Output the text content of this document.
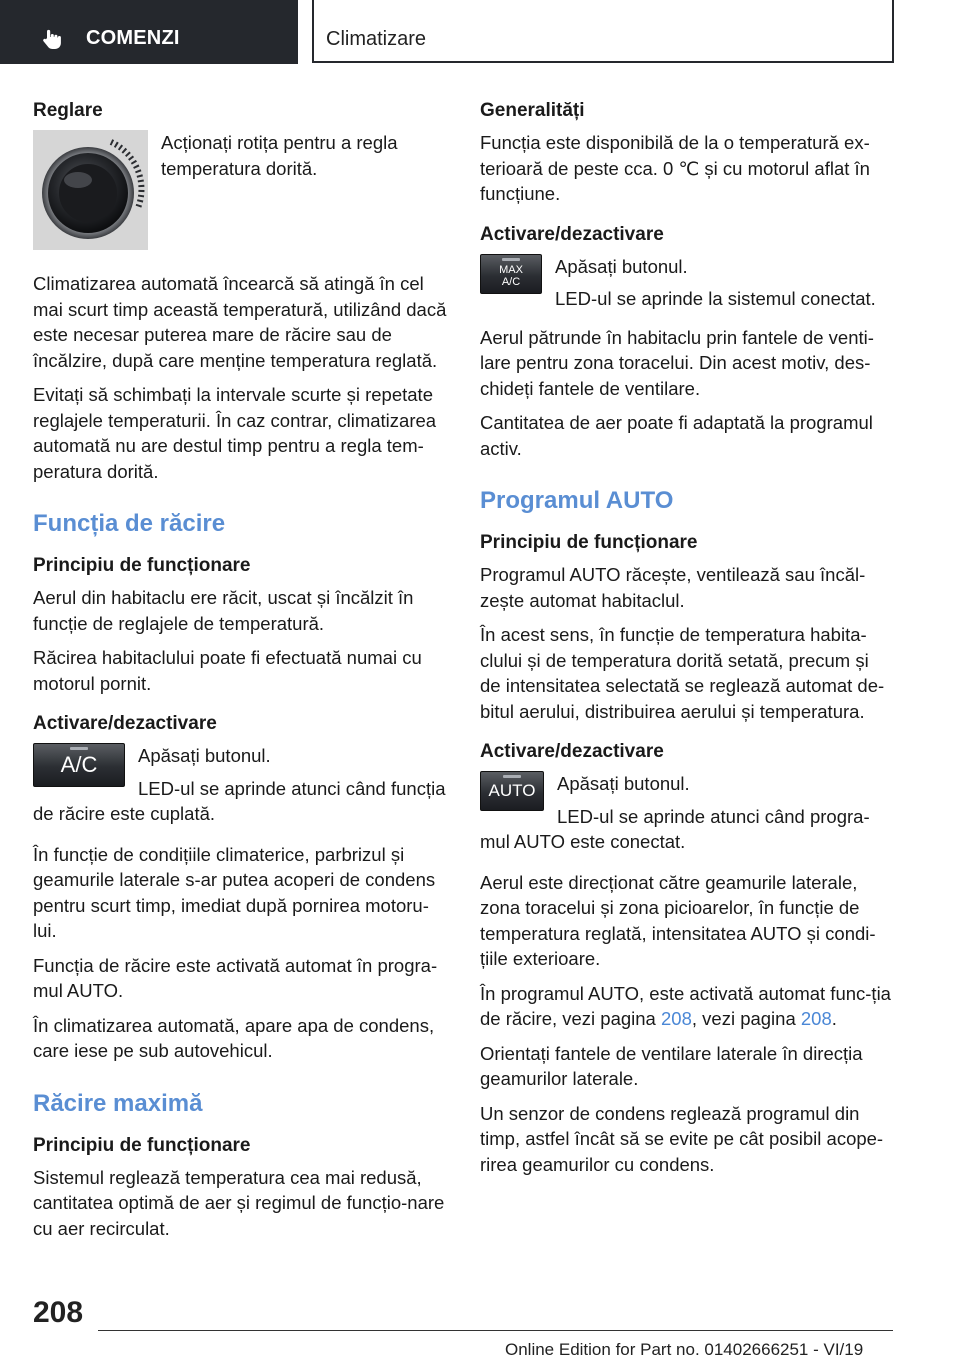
COMENZI	Climatizare
Reglare

Acționați rotița pentru a regla temperatura dorită.

Climatizarea automată încearcă să atingă în cel mai scurt timp această temperatură, utilizând dacă este necesar puterea mare de răcire sau de încălzire, după care menține temperatura reglată.

Evitați să schimbați la intervale scurte și repetate reglajele temperaturii. În caz contrar, climatizarea automată nu are destul timp pentru a regla tem‐peratura dorită.

Funcția de răcire
Principiu de funcționare

Aerul din habitaclu ere răcit, uscat și încălzit în funcție de reglajele de temperatură.

Răcirea habitaclului poate fi efectuată numai cu motorul pornit.

Activare/dezactivare
A/C Apăsați butonul.

LED-ul se aprinde atunci când funcția

de răcire este cuplată.

În funcție de condițiile climaterice, parbrizul și geamurile laterale s-ar putea acoperi de condens pentru scurt timp, imediat după pornirea motoru‐lui.

Funcția de răcire este activată automat în progra‐mul AUTO.

În climatizarea automată, apare apa de condens, care iese pe sub autovehicul.

Răcire maximă
Principiu de funcționare

Sistemul reglează temperatura cea mai redusă, cantitatea optimă de aer și regimul de funcțio‐nare cu aer recirculat.

Generalități

Funcția este disponibilă de la o temperatură ex‐terioară de peste cca. 0 ℃ și cu motorul aflat în funcțiune.

Activare/dezactivare
MAX
A/C

Apăsați butonul.

LED-ul se aprinde la sistemul conectat.

Aerul pătrunde în habitaclu prin fantele de venti‐lare pentru zona toracelui. Din acest motiv, des‐chideți fantele de ventilare.

Cantitatea de aer poate fi adaptată la programul activ.

Programul AUTO
Principiu de funcționare

Programul AUTO răcește, ventilează sau încăl‐zește automat habitaclul.

În acest sens, în funcție de temperatura habita‐clului și de temperatura dorită setată, precum și de intensitatea selectată se reglează automat de‐bitul aerului, distribuirea aerului și temperatura.

Activare/dezactivare
AUTO Apăsați butonul.

LED-ul se aprinde atunci când progra‐

mul AUTO este conectat.

Aerul este direcționat către geamurile laterale, zona toracelui și zona picioarelor, în funcție de temperatura reglată, intensitatea AUTO și condi‐țiile exterioare.

În programul AUTO, este activată automat func‐ția de răcire, vezi pagina 208, vezi pagina 208.

Orientați fantele de ventilare laterale în direcția geamurilor laterale.

Un senzor de condens reglează programul din timp, astfel încât să se evite pe cât posibil acope‐rirea geamurilor cu condens.

208
Online Edition for Part no. 01402666251 - VI/19
